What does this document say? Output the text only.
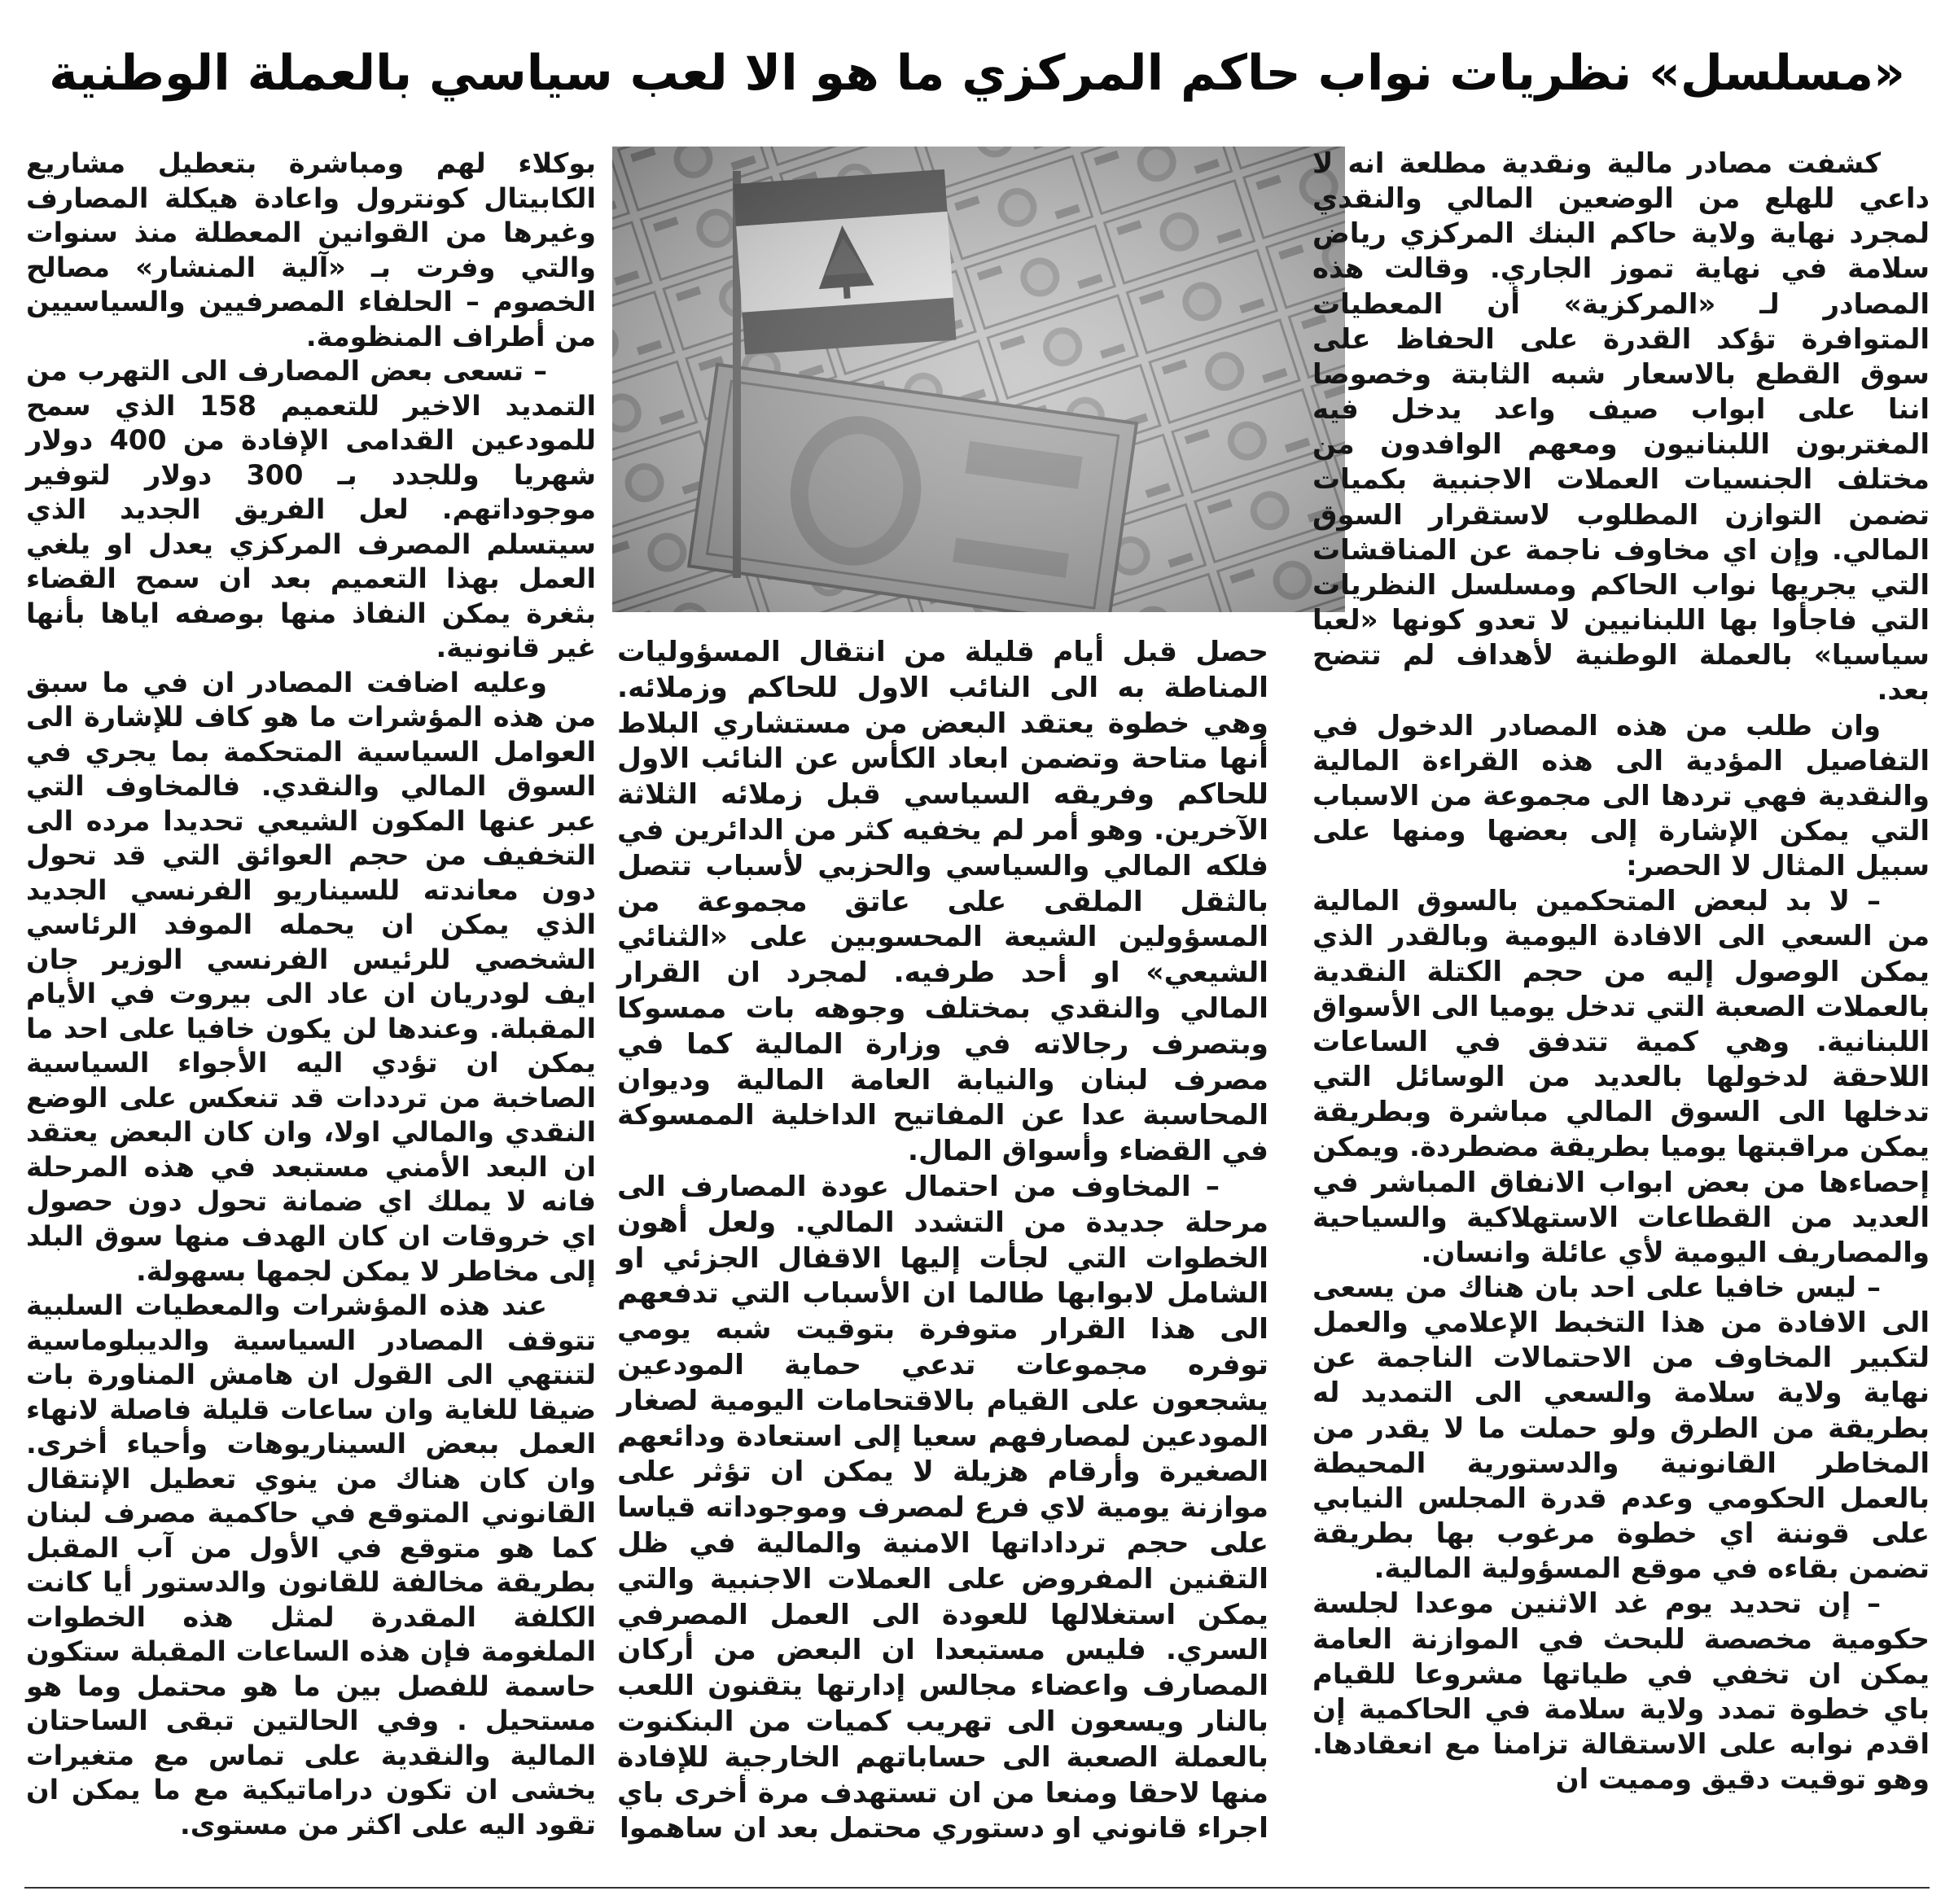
«مسلسل» نظريات نواب حاكم المركزي ما هو الا لعب سياسي بالعملة الوطنية

كشفت مصادر مالية ونقدية مطلعة انه لا داعي للهلع من الوضعين المالي والنقدي لمجرد نهاية ولاية حاكم البنك المركزي رياض سلامة في نهاية تموز الجاري. وقالت هذه المصادر لـ «المركزية» أن المعطيات المتوافرة تؤكد القدرة على الحفاظ على سوق القطع بالاسعار شبه الثابتة وخصوصا اننا على ابواب صيف واعد يدخل فيه المغتربون اللبنانيون ومعهم الوافدون من مختلف الجنسيات العملات الاجنبية بكميات تضمن التوازن المطلوب لاستقرار السوق المالي. وإن اي مخاوف ناجمة عن المناقشات التي يجريها نواب الحاكم ومسلسل النظريات التي فاجأوا بها اللبنانيين لا تعدو كونها «لعبا سياسيا» بالعملة الوطنية لأهداف لم تتضح بعد.

وان طلب من هذه المصادر الدخول في التفاصيل المؤدية الى هذه القراءة المالية والنقدية فهي تردها الى مجموعة من الاسباب التي يمكن الإشارة إلى بعضها ومنها على سبيل المثال لا الحصر:

– لا بد لبعض المتحكمين بالسوق المالية من السعي الى الافادة اليومية وبالقدر الذي يمكن الوصول إليه من حجم الكتلة النقدية بالعملات الصعبة التي تدخل يوميا الى الأسواق اللبنانية. وهي كمية تتدفق في الساعات اللاحقة لدخولها بالعديد من الوسائل التي تدخلها الى السوق المالي مباشرة وبطريقة يمكن مراقبتها يوميا بطريقة مضطردة. ويمكن إحصاءها من بعض ابواب الانفاق المباشر في العديد من القطاعات الاستهلاكية والسياحية والمصاريف اليومية لأي عائلة وانسان.

– ليس خافيا على احد بان هناك من يسعى الى الافادة من هذا التخبط الإعلامي والعمل لتكبير المخاوف من الاحتمالات الناجمة عن نهاية ولاية سلامة والسعي الى التمديد له بطريقة من الطرق ولو حملت ما لا يقدر من المخاطر القانونية والدستورية المحيطة بالعمل الحكومي وعدم قدرة المجلس النيابي على قوننة اي خطوة مرغوب بها بطريقة تضمن بقاءه في موقع المسؤولية المالية.

– إن تحديد يوم غد الاثنين موعدا لجلسة حكومية مخصصة للبحث في الموازنة العامة يمكن ان تخفي في طياتها مشروعا للقيام باي خطوة تمدد ولاية سلامة في الحاكمية إن اقدم نوابه على الاستقالة تزامنا مع انعقادها. وهو توقيت دقيق ومميت ان

حصل قبل أيام قليلة من انتقال المسؤوليات المناطة به الى النائب الاول للحاكم وزملائه. وهي خطوة يعتقد البعض من مستشاري البلاط أنها متاحة وتضمن ابعاد الكأس عن النائب الاول للحاكم وفريقه السياسي قبل زملائه الثلاثة الآخرين. وهو أمر لم يخفيه كثر من الدائرين في فلكه المالي والسياسي والحزبي لأسباب تتصل بالثقل الملقى على عاتق مجموعة من المسؤولين الشيعة المحسوبين على «الثنائي الشيعي» او أحد طرفيه. لمجرد ان القرار المالي والنقدي بمختلف وجوهه بات ممسوكا وبتصرف رجالاته في وزارة المالية كما في مصرف لبنان والنيابة العامة المالية وديوان المحاسبة عدا عن المفاتيح الداخلية الممسوكة في القضاء وأسواق المال.

– المخاوف من احتمال عودة المصارف الى مرحلة جديدة من التشدد المالي. ولعل أهون الخطوات التي لجأت إليها الاقفال الجزئي او الشامل لابوابها طالما ان الأسباب التي تدفعهم الى هذا القرار متوفرة بتوقيت شبه يومي توفره مجموعات تدعي حماية المودعين يشجعون على القيام بالاقتحامات اليومية لصغار المودعين لمصارفهم سعيا إلى استعادة ودائعهم الصغيرة وأرقام هزيلة لا يمكن ان تؤثر على موازنة يومية لاي فرع لمصرف وموجوداته قياسا على حجم ترداداتها الامنية والمالية في ظل التقنين المفروض على العملات الاجنبية والتي يمكن استغلالها للعودة الى العمل المصرفي السري. فليس مستبعدا ان البعض من أركان المصارف واعضاء مجالس إدارتها يتقنون اللعب بالنار ويسعون الى تهريب كميات من البنكنوت بالعملة الصعبة الى حساباتهم الخارجية للإفادة منها لاحقا ومنعا من ان تستهدف مرة أخرى باي اجراء قانوني او دستوري محتمل بعد ان ساهموا

بوكلاء لهم ومباشرة بتعطيل مشاريع الكابيتال كونترول واعادة هيكلة المصارف وغيرها من القوانين المعطلة منذ سنوات والتي وفرت بـ «آلية المنشار» مصالح الخصوم – الحلفاء المصرفيين والسياسيين من أطراف المنظومة.

– تسعى بعض المصارف الى التهرب من التمديد الاخير للتعميم 158 الذي سمح للمودعين القدامى الإفادة من 400 دولار شهريا وللجدد بـ 300 دولار لتوفير موجوداتهم. لعل الفريق الجديد الذي سيتسلم المصرف المركزي يعدل او يلغي العمل بهذا التعميم بعد ان سمح القضاء بثغرة يمكن النفاذ منها بوصفه اياها بأنها غير قانونية.

وعليه اضافت المصادر ان في ما سبق من هذه المؤشرات ما هو كاف للإشارة الى العوامل السياسية المتحكمة بما يجري في السوق المالي والنقدي. فالمخاوف التي عبر عنها المكون الشيعي تحديدا مرده الى التخفيف من حجم العوائق التي قد تحول دون معاندته للسيناريو الفرنسي الجديد الذي يمكن ان يحمله الموفد الرئاسي الشخصي للرئيس الفرنسي الوزير جان ايف لودريان ان عاد الى بيروت في الأيام المقبلة. وعندها لن يكون خافيا على احد ما يمكن ان تؤدي اليه الأجواء السياسية الصاخبة من ترددات قد تنعكس على الوضع النقدي والمالي اولا، وان كان البعض يعتقد ان البعد الأمني مستبعد في هذه المرحلة فانه لا يملك اي ضمانة تحول دون حصول اي خروقات ان كان الهدف منها سوق البلد إلى مخاطر لا يمكن لجمها بسهولة.

عند هذه المؤشرات والمعطيات السلبية تتوقف المصادر السياسية والديبلوماسية لتنتهي الى القول ان هامش المناورة بات ضيقا للغاية وان ساعات قليلة فاصلة لانهاء العمل ببعض السيناريوهات وأحياء أخرى. وان كان هناك من ينوي تعطيل الإنتقال القانوني المتوقع في حاكمية مصرف لبنان كما هو متوقع في الأول من آب المقبل بطريقة مخالفة للقانون والدستور أيا كانت الكلفة المقدرة لمثل هذه الخطوات الملغومة فإن هذه الساعات المقبلة ستكون حاسمة للفصل بين ما هو محتمل وما هو مستحيل . وفي الحالتين تبقى الساحتان المالية والنقدية على تماس مع متغيرات يخشى ان تكون دراماتيكية مع ما يمكن ان تقود اليه على اكثر من مستوى.
